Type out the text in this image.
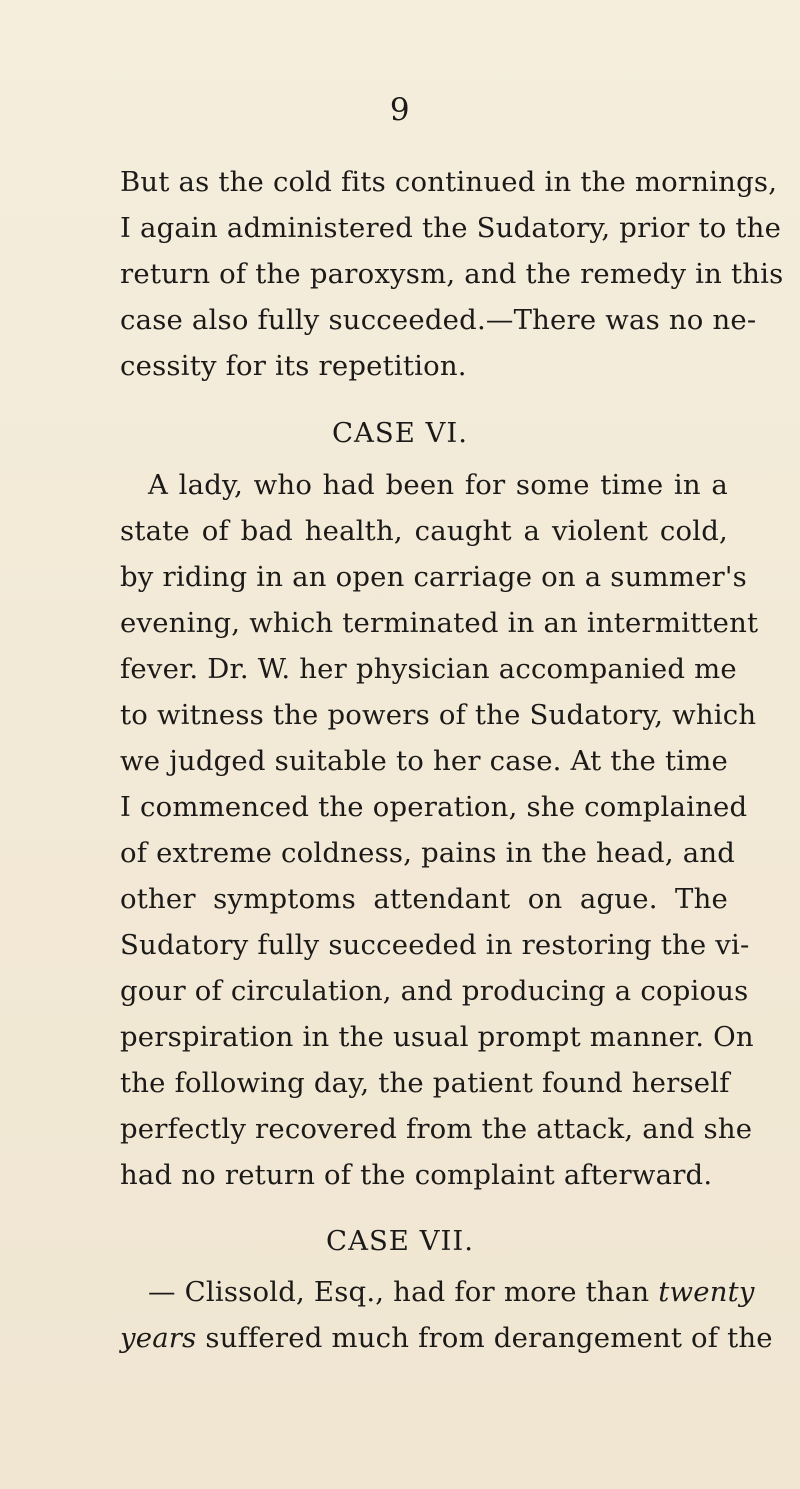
9
But as the cold fits continued in the mornings,
I again administered the Sudatory, prior to the
return of the paroxysm, and the remedy in this
case also fully succeeded.—There was no ne-
cessity for its repetition.
CASE VI.
A lady, who had been for some time in a
state of bad health, caught a violent cold,
by riding in an open carriage on a summer's
evening, which terminated in an intermittent
fever. Dr. W. her physician accompanied me
to witness the powers of the Sudatory, which
we judged suitable to her case. At the time
I commenced the operation, she complained
of extreme coldness, pains in the head, and
other symptoms attendant on ague. The
Sudatory fully succeeded in restoring the vi-
gour of circulation, and producing a copious
perspiration in the usual prompt manner. On
the following day, the patient found herself
perfectly recovered from the attack, and she
had no return of the complaint afterward.
CASE VII.
— Clissold, Esq., had for more than twenty
years suffered much from derangement of the
